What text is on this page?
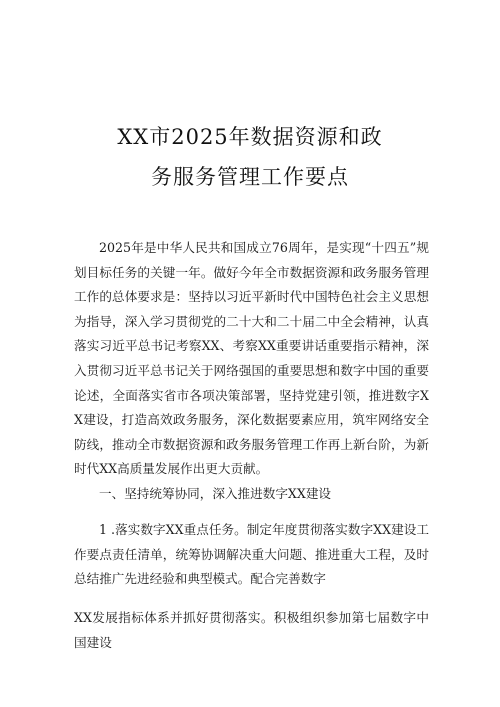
XX市2025年数据资源和政
务服务管理工作要点

2025年是中华人民共和国成立76周年，是实现“十四五”规划目标任务的关键一年。做好今年全市数据资源和政务服务管理工作的总体要求是：坚持以习近平新时代中国特色社会主义思想为指导，深入学习贯彻党的二十大和二十届二中全会精神，认真落实习近平总书记考察XX、考察XX重要讲话重要指示精神，深入贯彻习近平总书记关于网络强国的重要思想和数字中国的重要论述，全面落实省市各项决策部署，坚持党建引领，推进数字XX建设，打造高效政务服务，深化数据要素应用，筑牢网络安全防线，推动全市数据资源和政务服务管理工作再上新台阶，为新时代XX高质量发展作出更大贡献。

一、坚持统筹协同，深入推进数字XX建设

1 .落实数字XX重点任务。制定年度贯彻落实数字XX建设工作要点责任清单，统筹协调解决重大问题、推进重大工程，及时总结推广先进经验和典型模式。配合完善数字

XX发展指标体系并抓好贯彻落实。积极组织参加第七届数字中国建设
